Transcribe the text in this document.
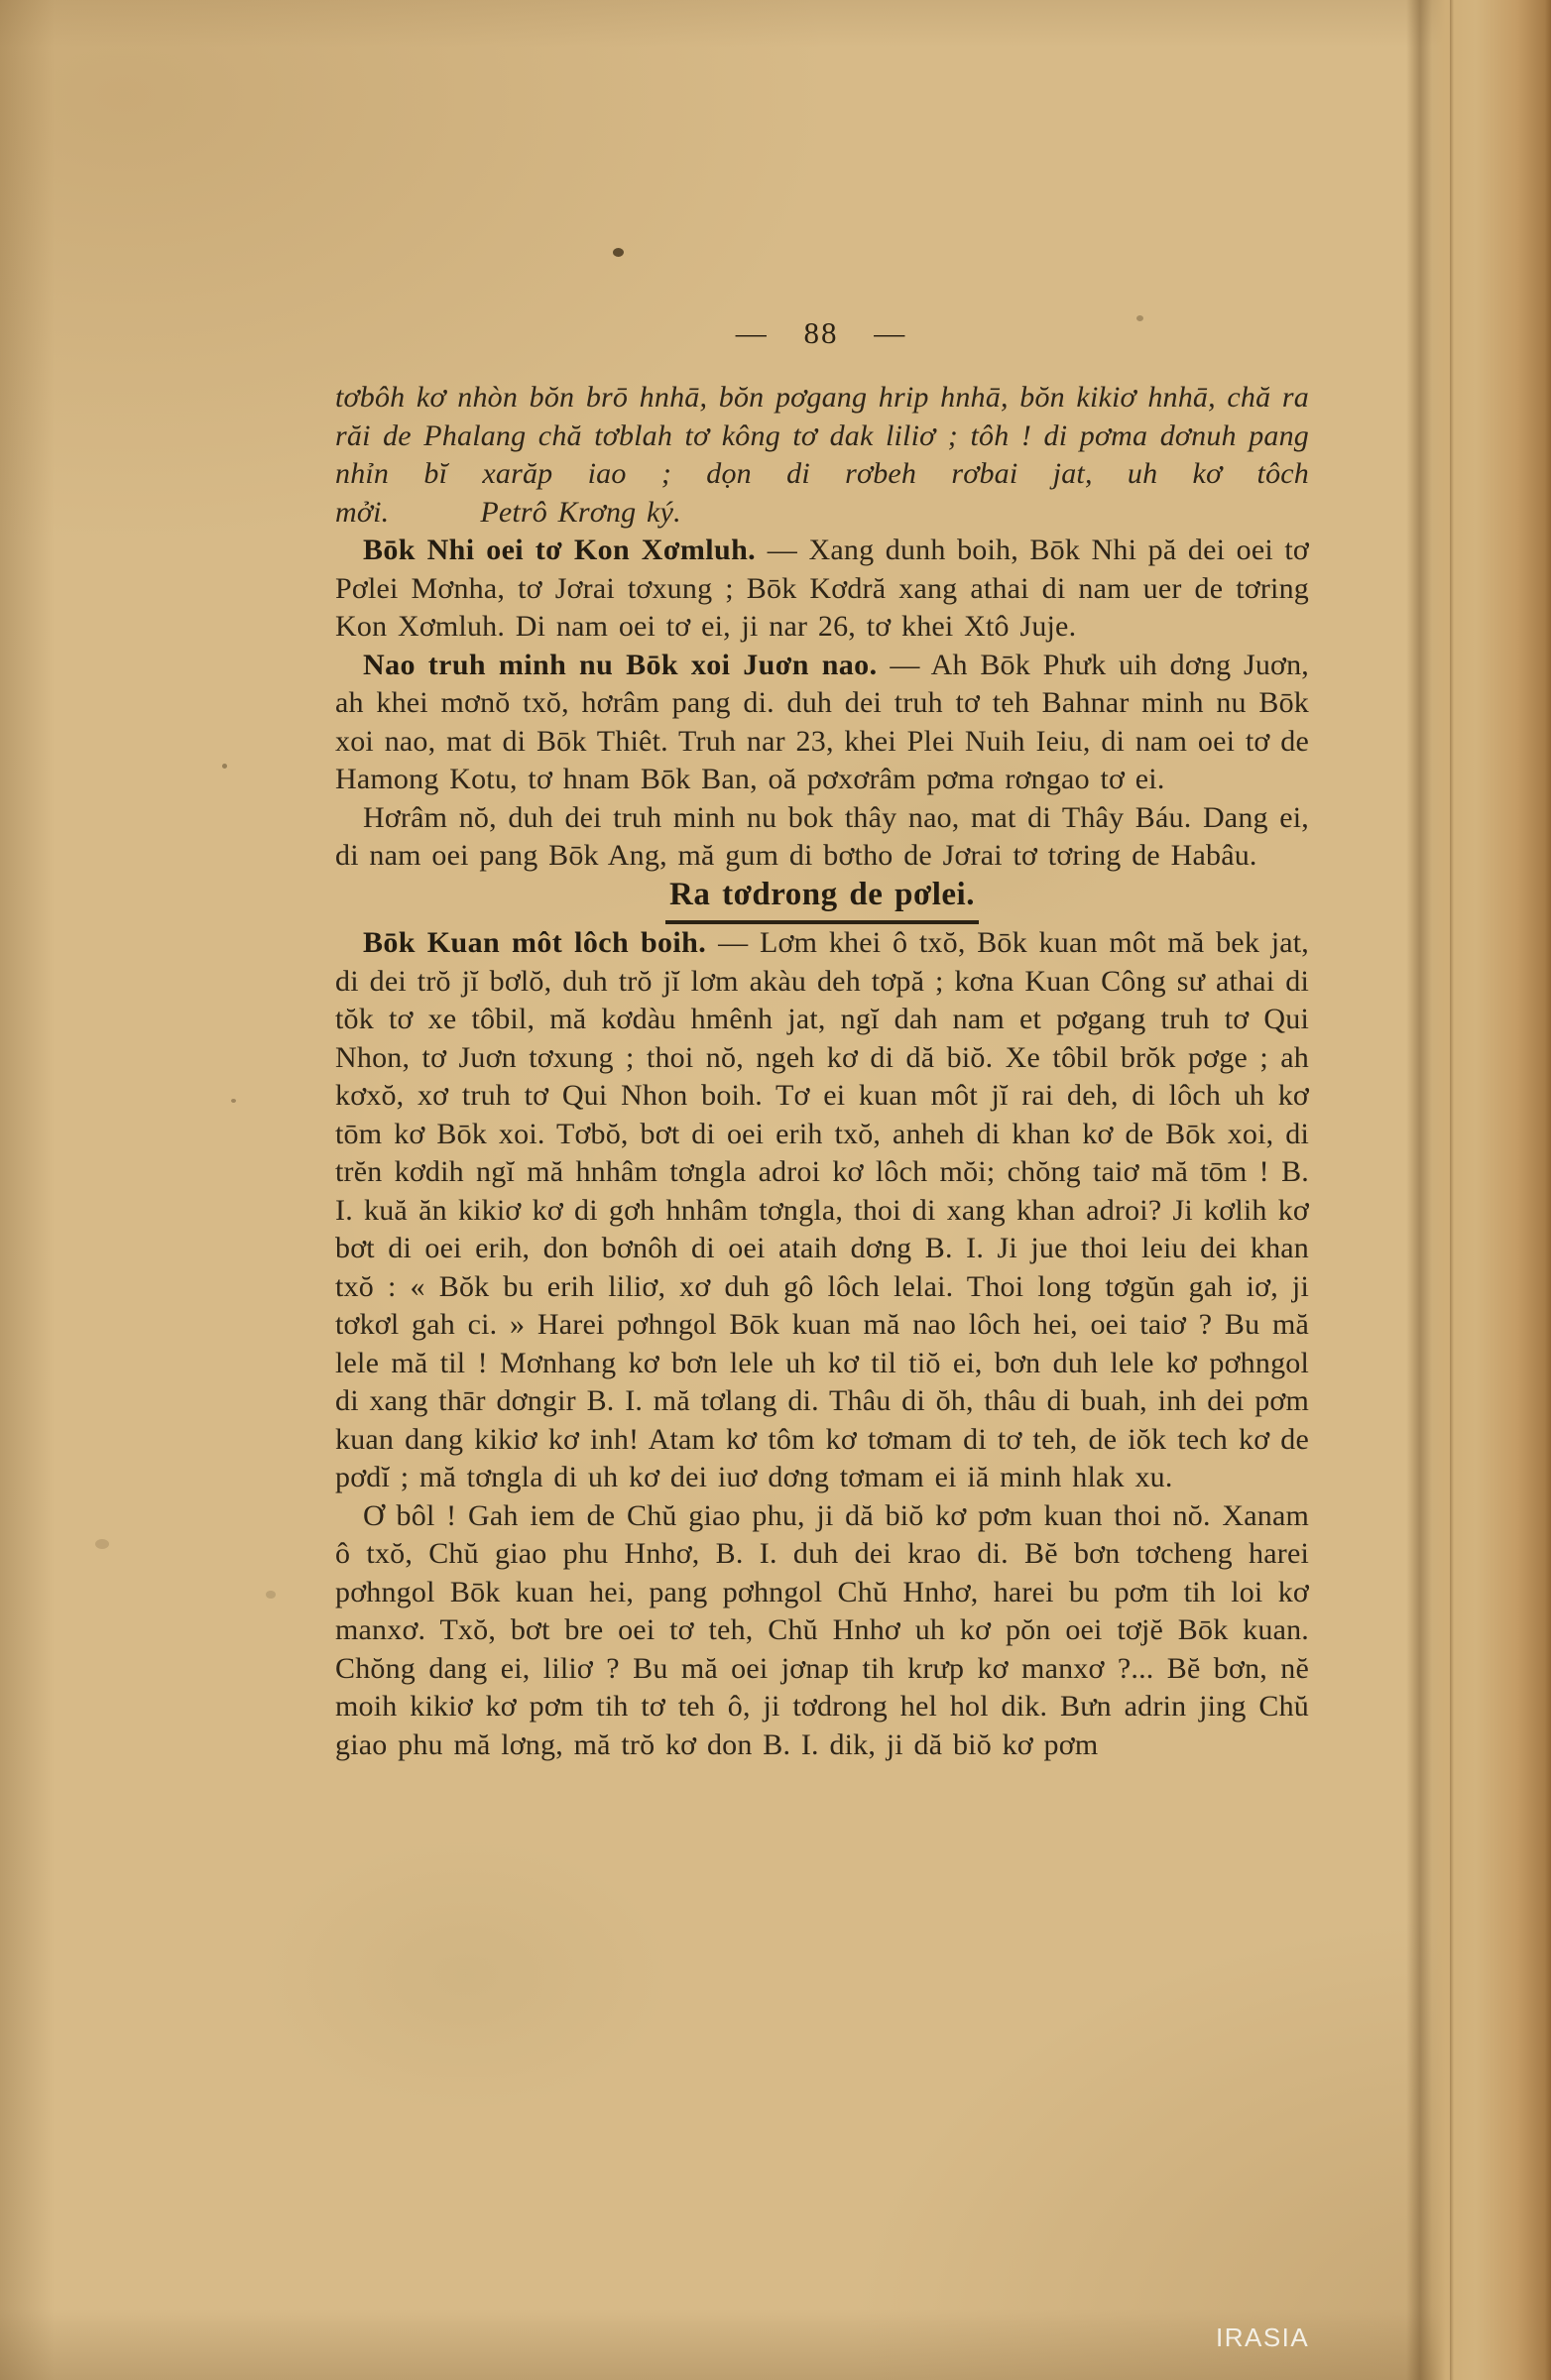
— 88 —

tơbôh kơ nhòn bŏn brō hnhā, bŏn pơgang hrip hnhā, bŏn kikiơ hnhā, chă ra răi de Phalang chă tơblah tơ kông tơ dak liliơ ; tôh ! di pơma dơnuh pang nhỉn bĭ xarăp iao ; dọn di rơbeh rơbai jat, uh kơ tôch mởi.	Petrô Krơng ký.

Bōk Nhi oei tơ Kon Xơmluh. — Xang dunh boih, Bōk Nhi pă dei oei tơ Pơlei Mơnha, tơ Jơrai tơxung ; Bōk Kơdră xang athai di nam uer de tơring Kon Xơmluh. Di nam oei tơ ei, ji nar 26, tơ khei Xtô Juje.

Nao truh minh nu Bōk xoi Juơn nao. — Ah Bōk Phưk uih dơng Juơn, ah khei mơnŏ txŏ, hơrâm pang di. duh dei truh tơ teh Bahnar minh nu Bōk xoi nao, mat di Bōk Thiêt. Truh nar 23, khei Plei Nuih Ieiu, di nam oei tơ de Hamong Kotu, tơ hnam Bōk Ban, oă pơxơrâm pơma rơngao tơ ei.

Hơrâm nŏ, duh dei truh minh nu bok thây nao, mat di Thây Báu. Dang ei, di nam oei pang Bōk Ang, mă gum di bơtho de Jơrai tơ tơring de Habâu.

Ra tơdrong de pơlei.

Bōk Kuan môt lôch boih. — Lơm khei ô txŏ, Bōk kuan môt mă bek jat, di dei trŏ jĭ bơlŏ, duh trŏ jĭ lơm akàu deh tơpă ; kơna Kuan Công sư athai di tŏk tơ xe tôbil, mă kơdàu hmênh jat, ngĭ dah nam et pơgang truh tơ Qui Nhon, tơ Juơn tơxung ; thoi nŏ, ngeh kơ di dă biŏ. Xe tôbil brŏk pơge ; ah kơxŏ, xơ truh tơ Qui Nhon boih. Tơ ei kuan môt jĭ rai deh, di lôch uh kơ tōm kơ Bōk xoi. Tơbŏ, bơt di oei erih txŏ, anheh di khan kơ de Bōk xoi, di trĕn kơdih ngĭ mă hnhâm tơngla adroi kơ lôch mŏi; chŏng taiơ mă tōm ! B. I. kuă ăn kikiơ kơ di gơh hnhâm tơngla, thoi di xang khan adroi? Ji kơlih kơ bơt di oei erih, don bơnôh di oei ataih dơng B. I. Ji jue thoi leiu dei khan txŏ : « Bŏk bu erih liliơ, xơ duh gô lôch lelai. Thoi long tơgŭn gah iơ, ji tơkơl gah ci. » Harei pơhngol Bōk kuan mă nao lôch hei, oei taiơ ? Bu mă lele mă til ! Mơnhang kơ bơn lele uh kơ til tiŏ ei, bơn duh lele kơ pơhngol di xang thār dơngir B. I. mă tơlang di. Thâu di ŏh, thâu di buah, inh dei pơm kuan dang kikiơ kơ inh! Atam kơ tôm kơ tơmam di tơ teh, de iŏk tech kơ de pơdĭ ; mă tơngla di uh kơ dei iuơ dơng tơmam ei iă minh hlak xu.

Ơ bôl ! Gah iem de Chŭ giao phu, ji dă biŏ kơ pơm kuan thoi nŏ. Xanam ô txŏ, Chŭ giao phu Hnhơ, B. I. duh dei krao di. Bĕ bơn tơcheng harei pơhngol Bōk kuan hei, pang pơhngol Chŭ Hnhơ, harei bu pơm tih loi kơ manxơ. Txŏ, bơt bre oei tơ teh, Chŭ Hnhơ uh kơ pŏn oei tơjĕ Bōk kuan. Chŏng dang ei, liliơ ? Bu mă oei jơnap tih krưp kơ manxơ ?... Bĕ bơn, nĕ moih kikiơ kơ pơm tih tơ teh ô, ji tơdrong hel hol dik. Bưn adrin jing Chŭ giao phu mă lơng, mă trŏ kơ don B. I. dik, ji dă biŏ kơ pơm

IRASIA
